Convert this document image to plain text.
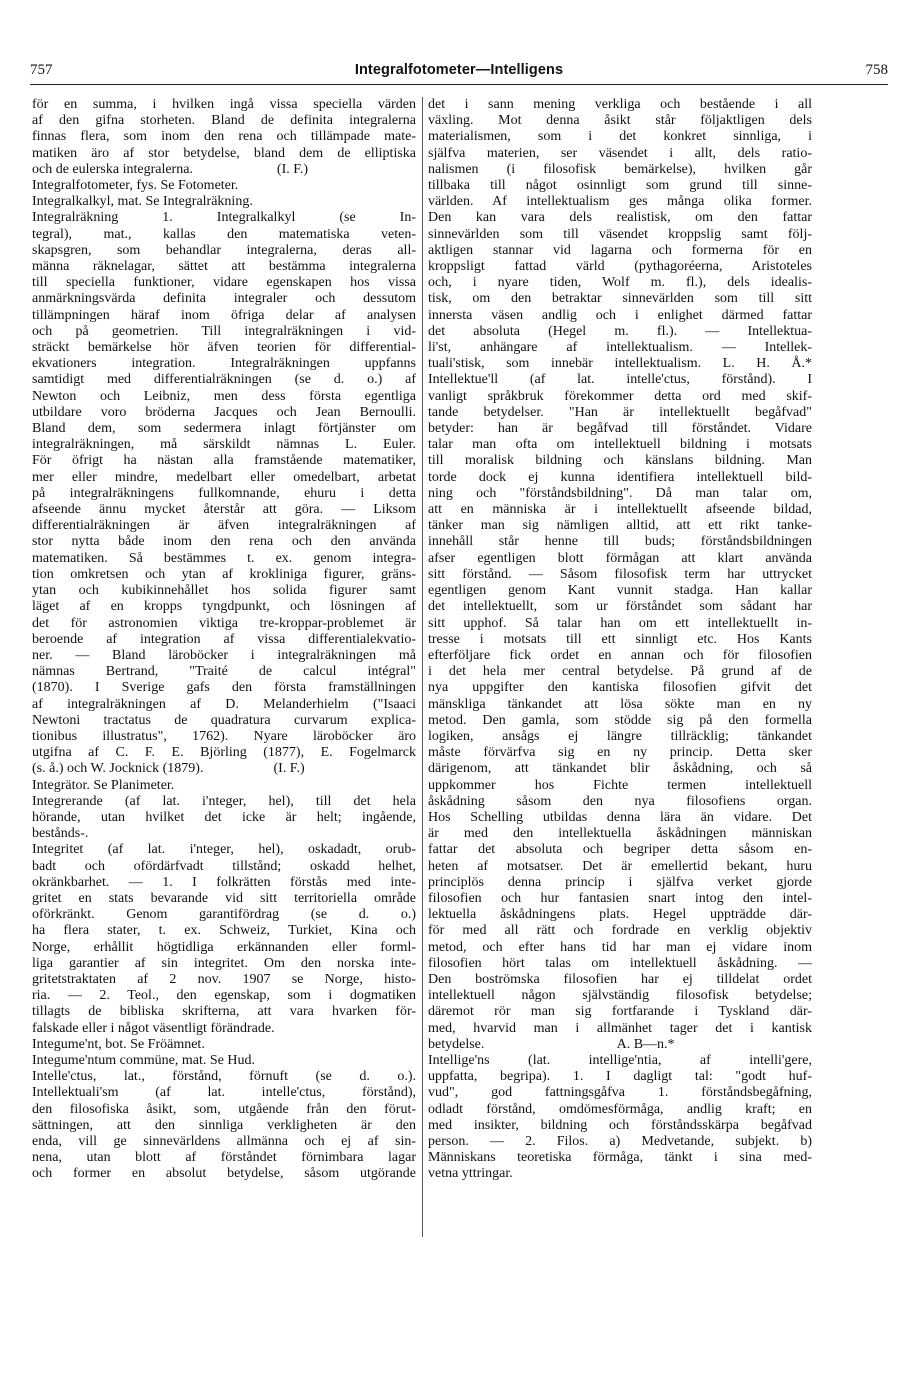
757	Integralfotometer—Intelligens	758
för en summa, i hvilken ingå vissa speciella värden
af den gifna storheten. Bland de definita integralerna
finnas flera, som inom den rena och tillämpade mate-
matiken äro af stor betydelse, bland dem de elliptiska
och de eulerska integralerna.                        (I. F.)
Integralfotometer, fys. Se Fotometer.
Integralkalkyl, mat. Se Integralräkning.
Integralräkning 1. Integralkalkyl (se In-
tegral), mat., kallas den matematiska veten-
skapsgren, som behandlar integralerna, deras all-
männa räknelagar, sättet att bestämma integralerna
till speciella funktioner, vidare egenskapen hos vissa
anmärkningsvärda definita integraler och dessutom
tillämpningen häraf inom öfriga delar af analysen
och på geometrien. Till integralräkningen i vid-
sträckt bemärkelse hör äfven teorien för differential-
ekvationers integration. Integralräkningen uppfanns
samtidigt med differentialräkningen (se d. o.) af
Newton och Leibniz, men dess första egentliga
utbildare voro bröderna Jacques och Jean Bernoulli.
Bland dem, som sedermera inlagt förtjänster om
integralräkningen, må särskildt nämnas L. Euler.
För öfrigt ha nästan alla framstående matematiker,
mer eller mindre, medelbart eller omedelbart, arbetat
på integralräkningens fullkomnande, ehuru i detta
afseende ännu mycket återstår att göra. — Liksom
differentialräkningen är äfven integralräkningen af
stor nytta både inom den rena och den använda
matematiken. Så bestämmes t. ex. genom integra-
tion omkretsen och ytan af krokliniga figurer, gräns-
ytan och kubikinnehållet hos solida figurer samt
läget af en kropps tyngdpunkt, och lösningen af
det för astronomien viktiga tre-kroppar-problemet är
beroende af integration af vissa differentialekvatio-
ner. — Bland läroböcker i integralräkningen må
nämnas Bertrand, "Traité de calcul intégral"
(1870). I Sverige gafs den första framställningen
af integralräkningen af D. Melanderhielm ("Isaaci
Newtoni tractatus de quadratura curvarum explica-
tionibus illustratus", 1762). Nyare läroböcker äro
utgifna af C. F. E. Björling (1877), E. Fogelmarck
(s. å.) och W. Jocknick (1879).                    (I. F.)
Integrätor. Se Planimeter.
Integrerande (af lat. i'nteger, hel), till det hela
hörande, utan hvilket det icke är helt; ingående,
bestånds-.
Integritet (af lat. i'nteger, hel), oskadadt, orub-
badt och ofördärfvadt tillstånd; oskadd helhet,
okränkbarhet. — 1. I folkrätten förstås med inte-
gritet en stats bevarande vid sitt territoriella område
oförkränkt. Genom garantifördrag (se d. o.)
ha flera stater, t. ex. Schweiz, Turkiet, Kina och
Norge, erhållit högtidliga erkännanden eller forml-
liga garantier af sin integritet. Om den norska inte-
gritetstraktaten af 2 nov. 1907 se Norge, histo-
ria. — 2. Teol., den egenskap, som i dogmatiken
tillagts de bibliska skrifterna, att vara hvarken för-
falskade eller i något väsentligt förändrade.
Integume'nt, bot. Se Fröämnet.
Integume'ntum commüne, mat. Se Hud.
Intelle'ctus, lat., förstånd, förnuft (se d. o.).
Intellektuali'sm (af lat. intelle'ctus, förstånd),
den filosofiska åsikt, som, utgående från den förut-
sättningen, att den sinnliga verkligheten är den
enda, vill ge sinnevärldens allmänna och ej af sin-
nena, utan blott af förståndet förnimbara lagar
och former en absolut betydelse, såsom utgörande
det i sann mening verkliga och bestående i all
växling. Mot denna åsikt står följaktligen dels
materialismen, som i det konkret sinnliga, i
själfva materien, ser väsendet i allt, dels ratio-
nalismen (i filosofisk bemärkelse), hvilken går
tillbaka till något osinnligt som grund till sinne-
världen. Af intellektualism ges många olika former.
Den kan vara dels realistisk, om den fattar
sinnevärlden som till väsendet kroppslig samt följ-
aktligen stannar vid lagarna och formerna för en
kroppsligt fattad värld (pythagoréerna, Aristoteles
och, i nyare tiden, Wolf m. fl.), dels idealis-
tisk, om den betraktar sinnevärlden som till sitt
innersta väsen andlig och i enlighet därmed fattar
det absoluta (Hegel m. fl.). — Intellektua-
li'st, anhängare af intellektualism. — Intellek-
tuali'stisk, som innebär intellektualism. L. H. Å.*
Intellektue'll (af lat. intelle'ctus, förstånd). I
vanligt språkbruk förekommer detta ord med skif-
tande betydelser. "Han är intellektuellt begåfvad"
betyder: han är begåfvad till förståndet. Vidare
talar man ofta om intellektuell bildning i motsats
till moralisk bildning och känslans bildning. Man
torde dock ej kunna identifiera intellektuell bild-
ning och "förståndsbildning". Då man talar om,
att en människa är i intellektuellt afseende bildad,
tänker man sig nämligen alltid, att ett rikt tanke-
innehåll står henne till buds; förståndsbildningen
afser egentligen blott förmågan att klart använda
sitt förstånd. — Såsom filosofisk term har uttrycket
egentligen genom Kant vunnit stadga. Han kallar
det intellektuellt, som ur förståndet som sådant har
sitt upphof. Så talar han om ett intellektuellt in-
tresse i motsats till ett sinnligt etc. Hos Kants
efterföljare fick ordet en annan och för filosofien
i det hela mer central betydelse. På grund af de
nya uppgifter den kantiska filosofien gifvit det
mänskliga tänkandet att lösa sökte man en ny
metod. Den gamla, som stödde sig på den formella
logiken, ansågs ej längre tillräcklig; tänkandet
måste förvärfva sig en ny princip. Detta sker
därigenom, att tänkandet blir åskådning, och så
uppkommer hos Fichte termen intellektuell
åskådning såsom den nya filosofiens organ.
Hos Schelling utbildas denna lära än vidare. Det
är med den intellektuella åskådningen människan
fattar det absoluta och begriper detta såsom en-
heten af motsatser. Det är emellertid bekant, huru
principlös denna princip i själfva verket gjorde
filosofien och hur fantasien snart intog den intel-
lektuella åskådningens plats. Hegel uppträdde där-
för med all rätt och fordrade en verklig objektiv
metod, och efter hans tid har man ej vidare inom
filosofien hört talas om intellektuell åskådning. —
Den boströmska filosofien har ej tilldelat ordet
intellektuell någon självständig filosofisk betydelse;
däremot rör man sig fortfarande i Tyskland där-
med, hvarvid man i allmänhet tager det i kantisk
betydelse.                                      A. B—n.*
Intellige'ns (lat. intellige'ntia, af intelli'gere,
uppfatta, begripa). 1. I dagligt tal: "godt huf-
vud", god fattningsgåfva 1. förståndsbegåfning,
odladt förstånd, omdömesförmåga, andlig kraft; en
med insikter, bildning och förståndsskärpa begåfvad
person. — 2. Filos. a) Medvetande, subjekt. b)
Människans teoretiska förmåga, tänkt i sina med-
vetna yttringar.
